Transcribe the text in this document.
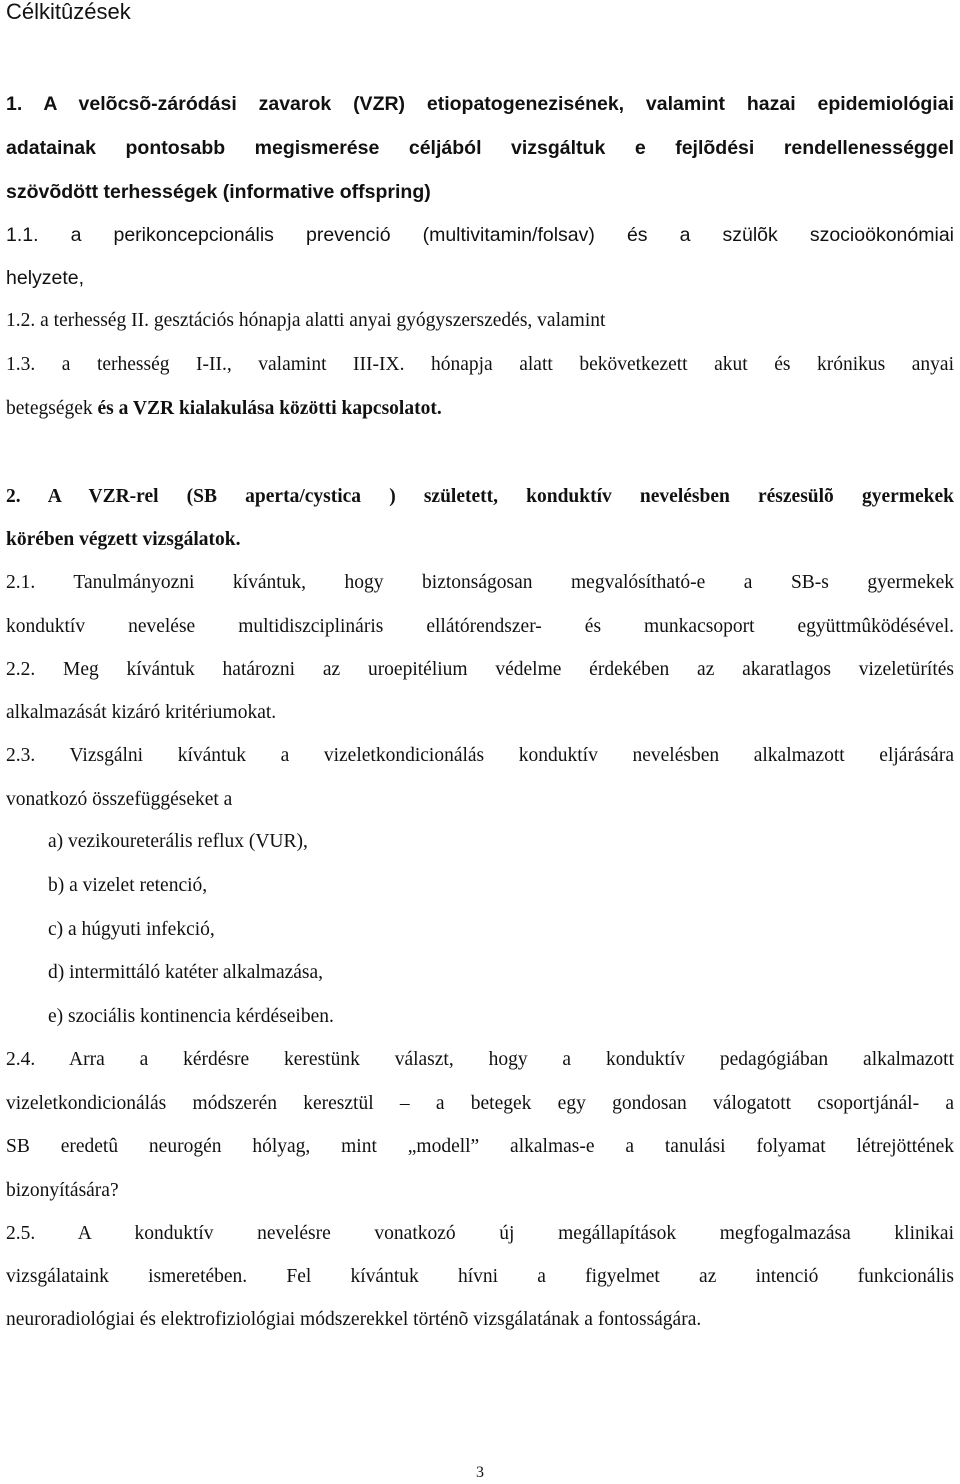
Célkitûzések
1. A velõcsõ-záródási zavarok (VZR) etiopatogenezisének, valamint hazai epidemiológiai
adatainak pontosabb megismerése céljából vizsgáltuk e fejlõdési rendellenességgel
szövõdött terhességek (informative offspring)
1.1. a perikoncepcionális prevenció (multivitamin/folsav) és a szülõk szocioökonómiai
helyzete,
1.2. a terhesség II. gesztációs hónapja alatti anyai gyógyszerszedés, valamint
1.3. a terhesség I-II., valamint III-IX. hónapja alatt bekövetkezett akut és krónikus anyai
betegségek és a VZR kialakulása közötti kapcsolatot.
2. A VZR-rel (SB aperta/cystica ) született, konduktív nevelésben részesülõ gyermekek
körében végzett vizsgálatok.
2.1. Tanulmányozni kívántuk, hogy biztonságosan megvalósítható-e a SB-s gyermekek
konduktív nevelése multidiszciplináris ellátórendszer- és munkacsoport együttmûködésével.
2.2. Meg kívántuk határozni az uroepitélium védelme érdekében az akaratlagos vizeletürítés
alkalmazását kizáró kritériumokat.
2.3. Vizsgálni kívántuk a vizeletkondicionálás konduktív nevelésben alkalmazott eljárására
vonatkozó összefüggéseket a
a) vezikoureterális reflux (VUR),
b) a vizelet retenció,
c) a húgyuti infekció,
d) intermittáló katéter alkalmazása,
e) szociális kontinencia kérdéseiben.
2.4. Arra a kérdésre kerestünk választ, hogy a konduktív pedagógiában alkalmazott
vizeletkondicionálás módszerén keresztül – a betegek egy gondosan válogatott csoportjánál- a
SB eredetû neurogén hólyag, mint „modell” alkalmas-e a tanulási folyamat létrejöttének
bizonyítására?
2.5. A konduktív nevelésre vonatkozó új megállapítások megfogalmazása klinikai
vizsgálataink ismeretében. Fel kívántuk hívni a figyelmet az intenció funkcionális
neuroradiológiai és elektrofiziológiai módszerekkel történõ vizsgálatának a fontosságára.
3
